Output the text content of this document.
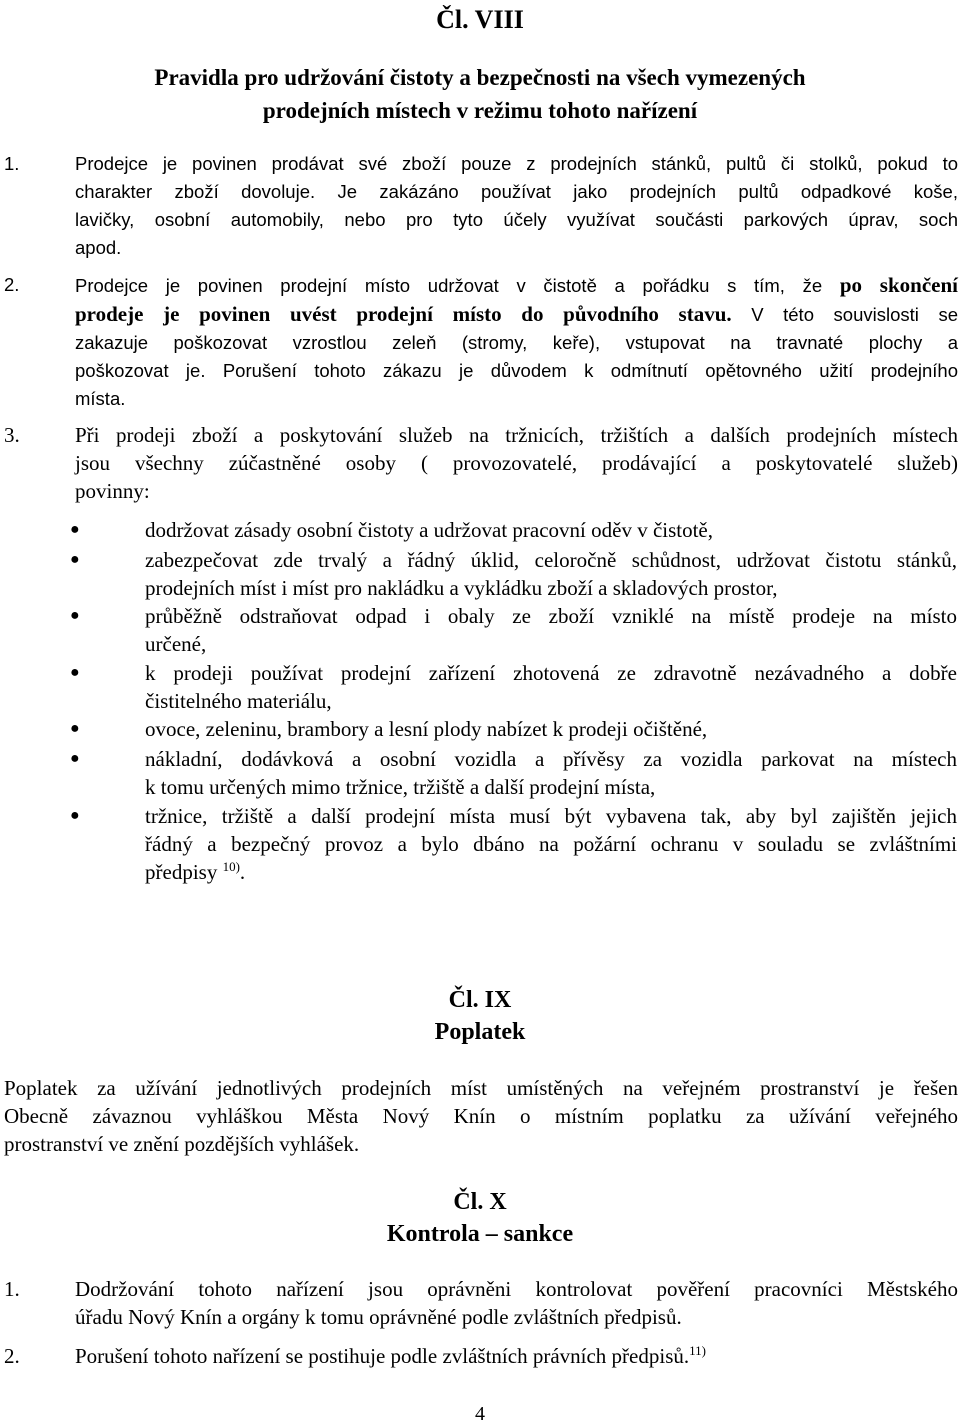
Čl. VIII
Pravidla pro udržování čistoty a bezpečnosti na všech vymezených
prodejních místech v režimu tohoto nařízení
1.	Prodejce je povinen prodávat své zboží pouze z prodejních stánků, pultů či stolků, pokud to
charakter zboží dovoluje. Je zakázáno používat jako prodejních pultů odpadkové koše,
lavičky, osobní automobily, nebo pro tyto účely využívat součásti parkových úprav, soch
apod.
2.	Prodejce je povinen prodejní místo udržovat v čistotě a pořádku s tím, že po skončení
prodeje je povinen uvést prodejní místo do původního stavu. V této souvislosti se
zakazuje poškozovat vzrostlou zeleň (stromy, keře), vstupovat na travnaté plochy a
poškozovat je. Porušení tohoto zákazu je důvodem k odmítnutí opětovného užití prodejního
místa.
3.	Při prodeji zboží a poskytování služeb na tržnicích, tržištích a dalších prodejních místech
jsou všechny zúčastněné osoby ( provozovatelé, prodávající a poskytovatelé služeb)
povinny:
●	dodržovat zásady osobní čistoty a udržovat pracovní oděv v čistotě,
●	zabezpečovat zde trvalý a řádný úklid, celoročně schůdnost, udržovat čistotu stánků,
prodejních míst i míst pro nakládku a vykládku zboží a skladových prostor,
●	průběžně odstraňovat odpad i obaly ze zboží vzniklé na místě prodeje na místo
určené,
●	k prodeji používat prodejní zařízení zhotovená ze zdravotně nezávadného a dobře
čistitelného materiálu,
●	ovoce, zeleninu, brambory a lesní plody nabízet k prodeji očištěné,
●	nákladní, dodávková a osobní vozidla a přívěsy za vozidla parkovat na místech
k tomu určených mimo tržnice, tržiště a další prodejní místa,
●	tržnice, tržiště a další prodejní místa musí být vybavena tak, aby byl zajištěn jejich
řádný a bezpečný provoz a bylo dbáno na požární ochranu v souladu se zvláštními
předpisy $^{10)}$.
Čl. IX
Poplatek
Poplatek za užívání jednotlivých prodejních míst umístěných na veřejném prostranství je řešen
Obecně závaznou vyhláškou Města Nový Knín o místním poplatku za užívání veřejného
prostranství ve znění pozdějších vyhlášek.
Čl. X
Kontrola – sankce
1.	Dodržování tohoto nařízení jsou oprávněni kontrolovat pověření pracovníci Městského
úřadu Nový Knín a orgány k tomu oprávněné podle zvláštních předpisů.
2.	Porušení tohoto nařízení se postihuje podle zvláštních právních předpisů.$^{11)}$
4
